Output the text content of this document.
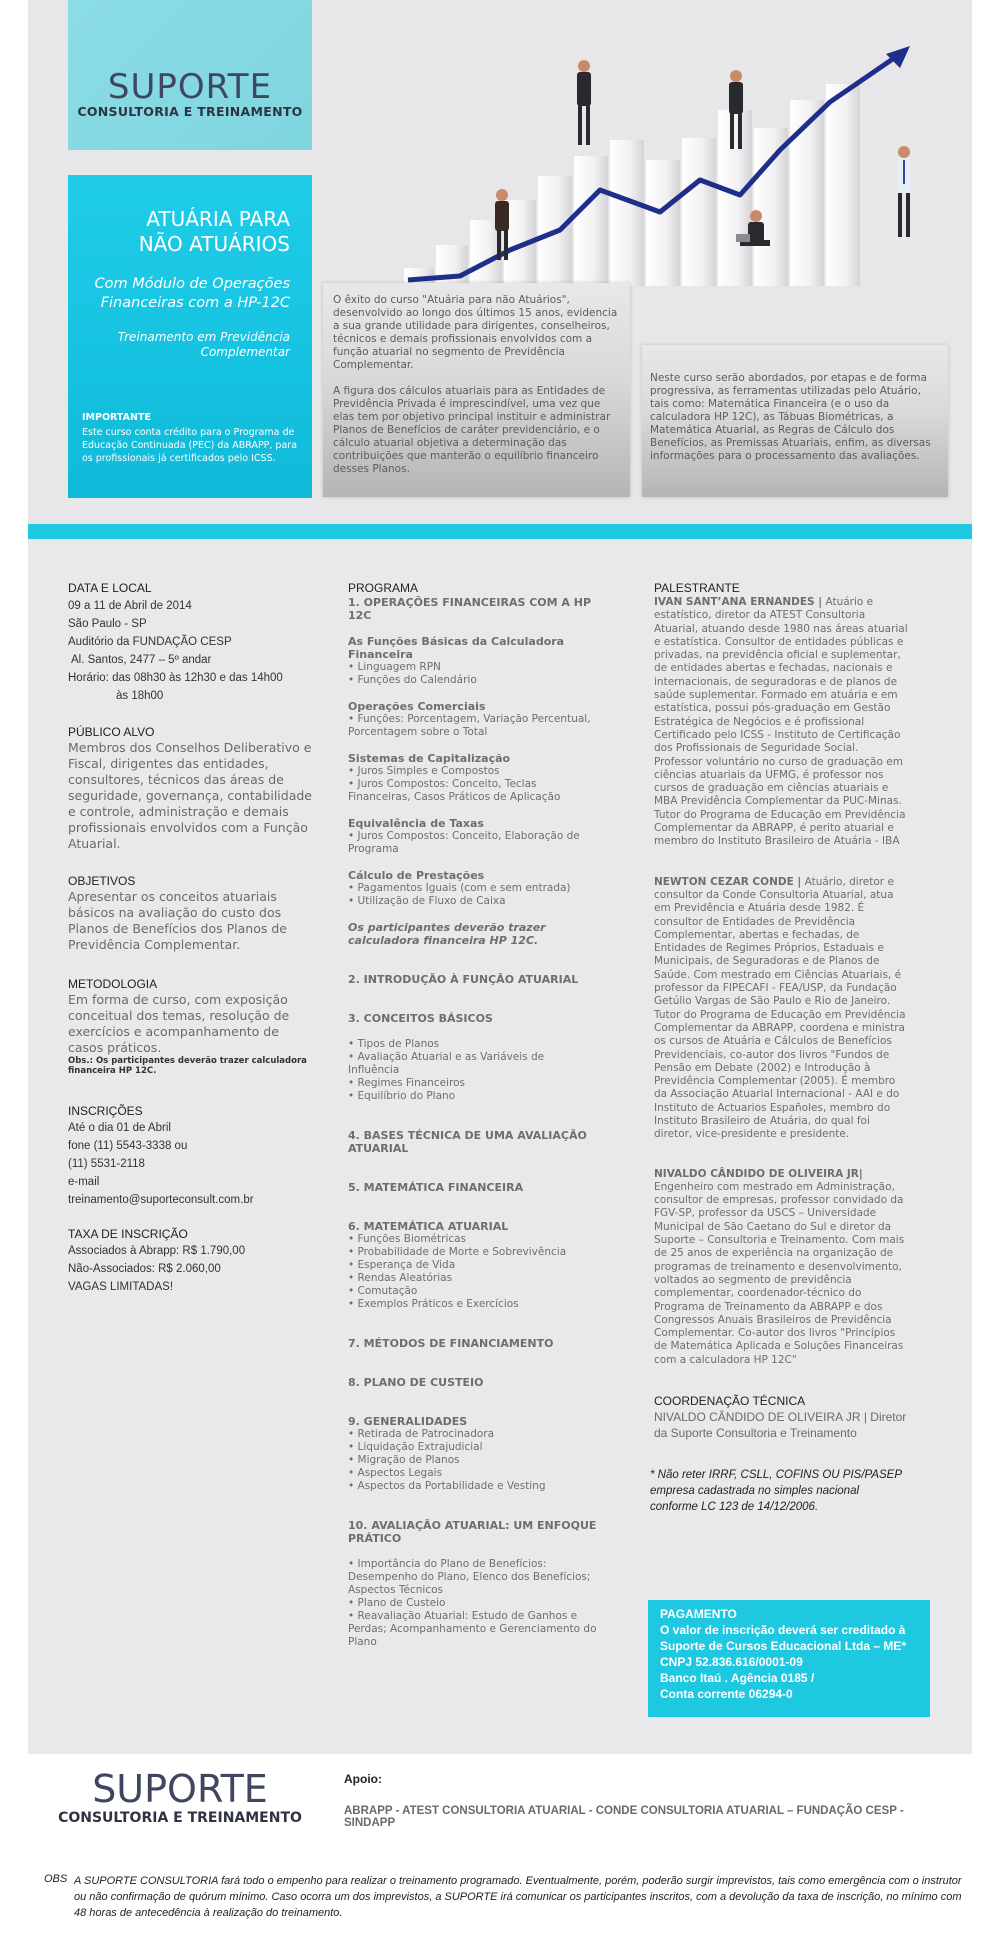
SUPORTE
CONSULTORIA E TREINAMENTO
ATUÁRIA PARA
NÃO ATUÁRIOS
Com Módulo de Operações
Financeiras com a HP-12C
Treinamento em Previdência
Complementar
IMPORTANTE
Este curso conta crédito para o Programa de Educação Continuada (PEC) da ABRAPP, para os profissionais já certificados pelo ICSS.

O êxito do curso "Atuária para não Atuários", desenvolvido ao longo dos últimos 15 anos, evidencia a sua grande utilidade para dirigentes, conselheiros, técnicos e demais profissionais envolvidos com a função atuarial no segmento de Previdência Complementar.

A figura dos cálculos atuariais para as Entidades de Previdência Privada é imprescindível, uma vez que elas tem por objetivo principal instituir e administrar Planos de Benefícios de caráter previdenciário, e o cálculo atuarial objetiva a determinação das contribuições que manterão o equilíbrio financeiro desses Planos.

Neste curso serão abordados, por etapas e de forma progressiva, as ferramentas utilizadas pelo Atuário, tais como: Matemática Financeira (e o uso da calculadora HP 12C), as Tábuas Biométricas, a Matemática Atuarial, as Regras de Cálculo dos Benefícios, as Premissas Atuariais, enfim, as diversas informações para o processamento das avaliações.
DATA E LOCAL
09 a 11 de Abril de 2014
São Paulo - SP
Auditório da FUNDAÇÃO CESP
Al. Santos, 2477 – 5º andar
Horário: das 08h30 às 12h30 e das 14h00
às 18h00
PÚBLICO ALVO
Membros dos Conselhos Deliberativo e Fiscal, dirigentes das entidades, consultores, técnicos das áreas de seguridade, governança, contabilidade e controle, administração e demais profissionais envolvidos com a Função Atuarial.
OBJETIVOS
Apresentar os conceitos atuariais básicos na avaliação do custo dos Planos de Benefícios dos Planos de Previdência Complementar.
METODOLOGIA
Em forma de curso, com exposição conceitual dos temas, resolução de exercícios e acompanhamento de casos práticos.
Obs.: Os participantes deverão trazer calculadora financeira HP 12C.
INSCRIÇÕES
Até o dia 01 de Abril
fone (11) 5543-3338 ou
(11) 5531-2118
e-mail
treinamento@suporteconsult.com.br
TAXA DE INSCRIÇÃO
Associados à Abrapp: R$ 1.790,00
Não-Associados: R$ 2.060,00
VAGAS LIMITADAS!
PROGRAMA
1. OPERAÇÕES FINANCEIRAS COM A HP 12C
As Funções Básicas da Calculadora Financeira
• Linguagem RPN
• Funções do Calendário
Operações Comerciais
• Funções: Porcentagem, Variação Percentual, Porcentagem sobre o Total
Sistemas de Capitalização
• Juros Simples e Compostos
• Juros Compostos: Conceito, Teclas Financeiras, Casos Práticos de Aplicação
Equivalência de Taxas
• Juros Compostos: Conceito, Elaboração de Programa
Cálculo de Prestações
• Pagamentos Iguais (com e sem entrada)
• Utilização de Fluxo de Caixa
Os participantes deverão trazer calculadora financeira HP 12C.
2. INTRODUÇÃO À FUNÇÃO ATUARIAL
3. CONCEITOS BÁSICOS
• Tipos de Planos
• Avaliação Atuarial e as Variáveis de Influência
• Regimes Financeiros
• Equilíbrio do Plano
4. BASES TÉCNICA DE UMA AVALIAÇÃO ATUARIAL
5. MATEMÁTICA FINANCEIRA
6. MATEMÁTICA ATUARIAL
• Funções Biométricas
• Probabilidade de Morte e Sobrevivência
• Esperança de Vida
• Rendas Aleatórias
• Comutação
• Exemplos Práticos e Exercícios
7. MÉTODOS DE FINANCIAMENTO
8. PLANO DE CUSTEIO
9. GENERALIDADES
• Retirada de Patrocinadora
• Liquidação Extrajudicial
• Migração de Planos
• Aspectos Legais
• Aspectos da Portabilidade e Vesting
10. AVALIAÇÃO ATUARIAL: UM ENFOQUE PRÁTICO
• Importância do Plano de Benefícios: Desempenho do Plano, Elenco dos Benefícios; Aspectos Técnicos
• Plano de Custeio
• Reavaliação Atuarial: Estudo de Ganhos e Perdas; Acompanhamento e Gerenciamento do Plano
PALESTRANTE
IVAN SANT’ANA ERNANDES | Atuário e estatístico, diretor da ATEST Consultoria Atuarial, atuando desde 1980 nas áreas atuarial e estatística. Consultor de entidades públicas e privadas, na previdência oficial e suplementar, de entidades abertas e fechadas, nacionais e internacionais, de seguradoras e de planos de saúde suplementar. Formado em atuária e em estatística, possui pós-graduação em Gestão Estratégica de Negócios e é profissional Certificado pelo ICSS - Instituto de Certificação dos Profissionais de Seguridade Social. Professor voluntário no curso de graduação em ciências atuariais da UFMG, é professor nos cursos de graduação em ciências atuariais e MBA Previdência Complementar da PUC-Minas. Tutor do Programa de Educação em Previdência Complementar da ABRAPP, é perito atuarial e membro do Instituto Brasileiro de Atuária - IBA
NEWTON CEZAR CONDE | Atuário, diretor e consultor da Conde Consultoria Atuarial, atua em Previdência e Atuária desde 1982. É consultor de Entidades de Previdência Complementar, abertas e fechadas, de Entidades de Regimes Próprios, Estaduais e Municipais, de Seguradoras e de Planos de Saúde. Com mestrado em Ciências Atuariais, é professor da FIPECAFI - FEA/USP, da Fundação Getúlio Vargas de São Paulo e Rio de Janeiro. Tutor do Programa de Educação em Previdência Complementar da ABRAPP, coordena e ministra os cursos de Atuária e Cálculos de Benefícios Previdenciais, co-autor dos livros "Fundos de Pensão em Debate (2002) e Introdução à Previdência Complementar (2005). É membro da Associação Atuarial Internacional - AAI e do Instituto de Actuarios Españoles, membro do Instituto Brasileiro de Atuária, do qual foi diretor, vice-presidente e presidente.
NIVALDO CÂNDIDO DE OLIVEIRA JR| Engenheiro com mestrado em Administração, consultor de empresas, professor convidado da FGV-SP, professor da USCS – Universidade Municipal de São Caetano do Sul e diretor da Suporte – Consultoria e Treinamento. Com mais de 25 anos de experiência na organização de programas de treinamento e desenvolvimento, voltados ao segmento de previdência complementar, coordenador-técnico do Programa de Treinamento da ABRAPP e dos Congressos Anuais Brasileiros de Previdência Complementar. Co-autor dos livros "Princípios de Matemática Aplicada e Soluções Financeiras com a calculadora HP 12C"
COORDENAÇÃO TÉCNICA
NIVALDO CÂNDIDO DE OLIVEIRA JR | Diretor da Suporte Consultoria e Treinamento
* Não reter IRRF, CSLL, COFINS OU PIS/PASEP empresa cadastrada no simples nacional conforme LC 123 de 14/12/2006.
PAGAMENTO
O valor de inscrição deverá ser creditado à Suporte de Cursos Educacional Ltda – ME*
CNPJ 52.836.616/0001-09
Banco Itaú . Agência 0185 /
Conta corrente 06294-0
SUPORTE
CONSULTORIA E TREINAMENTO
Apoio:
ABRAPP - ATEST CONSULTORIA ATUARIAL - CONDE CONSULTORIA ATUARIAL – FUNDAÇÃO CESP - SINDAPP
OBS A SUPORTE CONSULTORIA fará todo o empenho para realizar o treinamento programado. Eventualmente, porém, poderão surgir imprevistos, tais como emergência com o instrutor ou não confirmação de quórum mínimo. Caso ocorra um dos imprevistos, a SUPORTE irá comunicar os participantes inscritos, com a devolução da taxa de inscrição, no mínimo com 48 horas de antecedência à realização do treinamento.
